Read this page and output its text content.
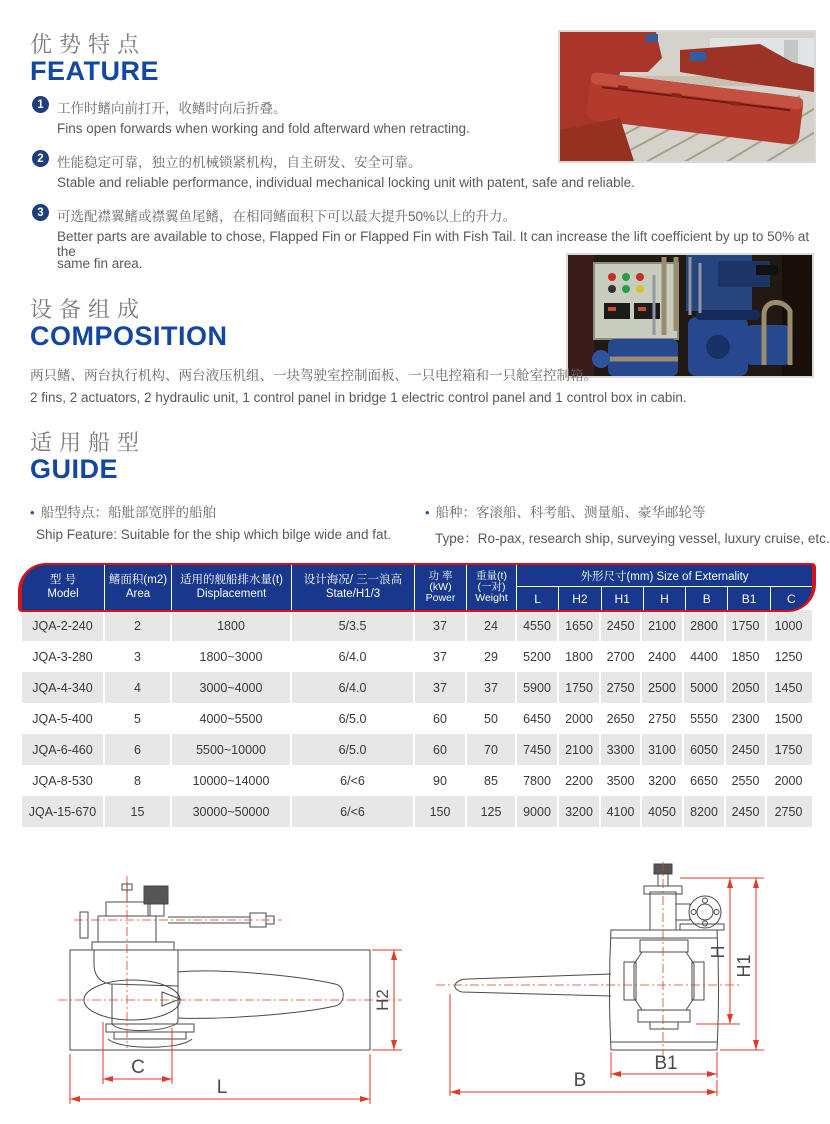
优势特点
FEATURE
1 工作时鳍向前打开，收鳍时向后折叠。
Fins open forwards when working and fold afterward when retracting.
2 性能稳定可靠，独立的机械锁紧机构，自主研发、安全可靠。
Stable and reliable performance, individual mechanical locking unit with patent, safe and reliable.
3 可选配襟翼鳍或襟翼鱼尾鳍，在相同鳍面积下可以最大提升50%以上的升力。
Better parts are available to chose, Flapped Fin or Flapped Fin with Fish Tail. It can increase the lift coefficient by up to 50% at the
same fin area.
设备组成
COMPOSITION
两只鳍、两台执行机构、两台液压机组、一块驾驶室控制面板、一只电控箱和一只舱室控制箱。
2 fins, 2 actuators, 2 hydraulic unit, 1 control panel in bridge 1 electric control panel and 1 control box in cabin.
适用船型
GUIDE
• 船型特点：船舭部宽胖的船舶
Ship Feature: Suitable for the ship which bilge wide and fat.
• 船种：客滚船、科考船、测量船、豪华邮轮等
Type：Ro-pax, research ship, surveying vessel, luxury cruise, etc.
型 号
Model
鳍面积(m2)
Area
适用的舰船排水量(t)
Displacement
设计海况/ 三一浪高
State/H1/3
功 率
(kW)
Power
重量(t)
(一对)
Weight
外形尺寸(mm) Size of Externality
L	H2	H1	H	B	B1	C
JQA-2-240	2	1800	5/3.5	37	24	4550	1650	2450	2100	2800	1750	1000
JQA-3-280	3	1800~3000	6/4.0	37	29	5200	1800	2700	2400	4400	1850	1250
JQA-4-340	4	3000~4000	6/4.0	37	37	5900	1750	2750	2500	5000	2050	1450
JQA-5-400	5	4000~5500	6/5.0	60	50	6450	2000	2650	2750	5550	2300	1500
JQA-6-460	6	5500~10000	6/5.0	60	70	7450	2100	3300	3100	6050	2450	1750
JQA-8-530	8	10000~14000	6/<6	90	85	7800	2200	3500	3200	6650	2550	2000
JQA-15-670	15	30000~50000	6/<6	150	125	9000	3200	4100	4050	8200	2450	2750
H2
C
L
H
H1
B1
B
